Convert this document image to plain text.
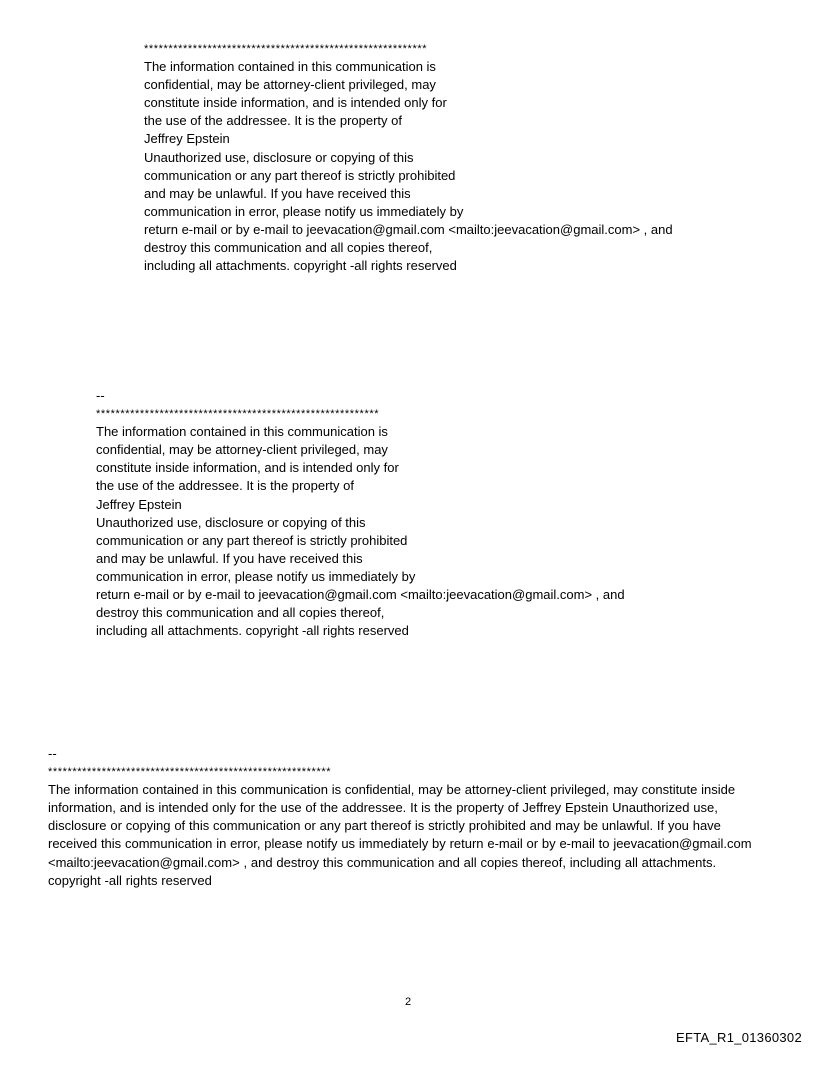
**********************************************************
The information contained in this communication is
confidential, may be attorney-client privileged, may
constitute inside information, and is intended only for
the use of the addressee. It is the property of
Jeffrey Epstein
Unauthorized use, disclosure or copying of this
communication or any part thereof is strictly prohibited
and may be unlawful. If you have received this
communication in error, please notify us immediately by
return e-mail or by e-mail to jeevacation@gmail.com <mailto:jeevacation@gmail.com> , and
destroy this communication and all copies thereof,
including all attachments. copyright -all rights reserved
--
**********************************************************
The information contained in this communication is
confidential, may be attorney-client privileged, may
constitute inside information, and is intended only for
the use of the addressee. It is the property of
Jeffrey Epstein
Unauthorized use, disclosure or copying of this
communication or any part thereof is strictly prohibited
and may be unlawful. If you have received this
communication in error, please notify us immediately by
return e-mail or by e-mail to jeevacation@gmail.com <mailto:jeevacation@gmail.com> , and
destroy this communication and all copies thereof,
including all attachments. copyright -all rights reserved
--
**********************************************************
The information contained in this communication is confidential, may be attorney-client privileged, may constitute inside information, and is intended only for the use of the addressee. It is the property of Jeffrey Epstein Unauthorized use, disclosure or copying of this communication or any part thereof is strictly prohibited and may be unlawful. If you have received this communication in error, please notify us immediately by return e-mail or by e-mail to jeevacation@gmail.com <mailto:jeevacation@gmail.com> , and destroy this communication and all copies thereof, including all attachments. copyright -all rights reserved
2
EFTA_R1_01360302
